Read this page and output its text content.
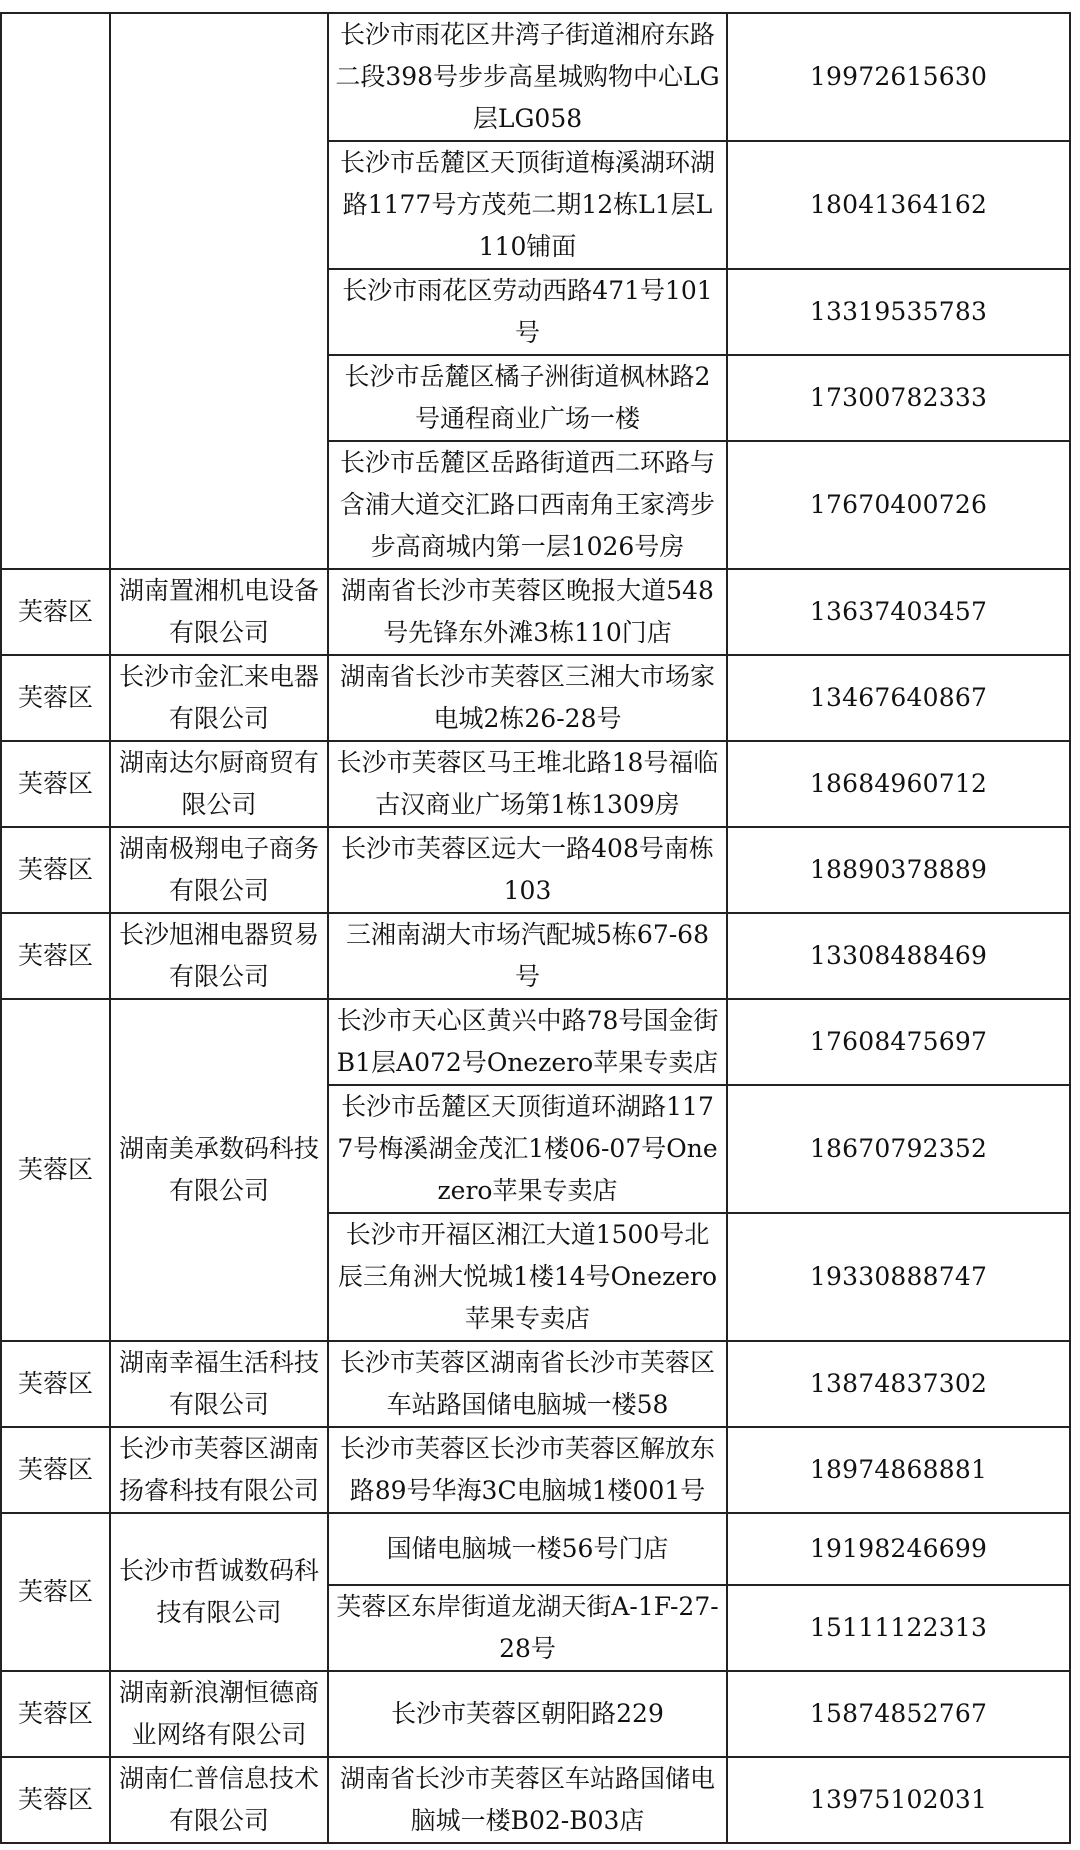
		长沙市雨花区井湾子街道湘府东路二段398号步步高星城购物中心LG层LG058	19972615630
		长沙市岳麓区天顶街道梅溪湖环湖路1177号方茂苑二期12栋L1层L110铺面	18041364162
		长沙市雨花区劳动西路471号101号	13319535783
		长沙市岳麓区橘子洲街道枫林路2号通程商业广场一楼	17300782333
		长沙市岳麓区岳路街道西二环路与含浦大道交汇路口西南角王家湾步步高商城内第一层1026号房	17670400726
芙蓉区	湖南置湘机电设备有限公司	湖南省长沙市芙蓉区晚报大道548号先锋东外滩3栋110门店	13637403457
芙蓉区	长沙市金汇来电器有限公司	湖南省长沙市芙蓉区三湘大市场家电城2栋26-28号	13467640867
芙蓉区	湖南达尔厨商贸有限公司	长沙市芙蓉区马王堆北路18号福临古汉商业广场第1栋1309房	18684960712
芙蓉区	湖南极翔电子商务有限公司	长沙市芙蓉区远大一路408号南栋103	18890378889
芙蓉区	长沙旭湘电器贸易有限公司	三湘南湖大市场汽配城5栋67-68号	13308488469
芙蓉区	湖南美承数码科技有限公司	长沙市天心区黄兴中路78号国金街B1层A072号Onezero苹果专卖店	17608475697
		长沙市岳麓区天顶街道环湖路1177号梅溪湖金茂汇1楼06-07号Onezero苹果专卖店	18670792352
		长沙市开福区湘江大道1500号北辰三角洲大悦城1楼14号Onezero苹果专卖店	19330888747
芙蓉区	湖南幸福生活科技有限公司	长沙市芙蓉区湖南省长沙市芙蓉区车站路国储电脑城一楼58	13874837302
芙蓉区	长沙市芙蓉区湖南扬睿科技有限公司	长沙市芙蓉区长沙市芙蓉区解放东路89号华海3C电脑城1楼001号	18974868881
芙蓉区	长沙市哲诚数码科技有限公司	国储电脑城一楼56号门店	19198246699
		芙蓉区东岸街道龙湖天街A-1F-27-28号	15111122313
芙蓉区	湖南新浪潮恒德商业网络有限公司	长沙市芙蓉区朝阳路229	15874852767
芙蓉区	湖南仁普信息技术有限公司	湖南省长沙市芙蓉区车站路国储电脑城一楼B02-B03店	13975102031
